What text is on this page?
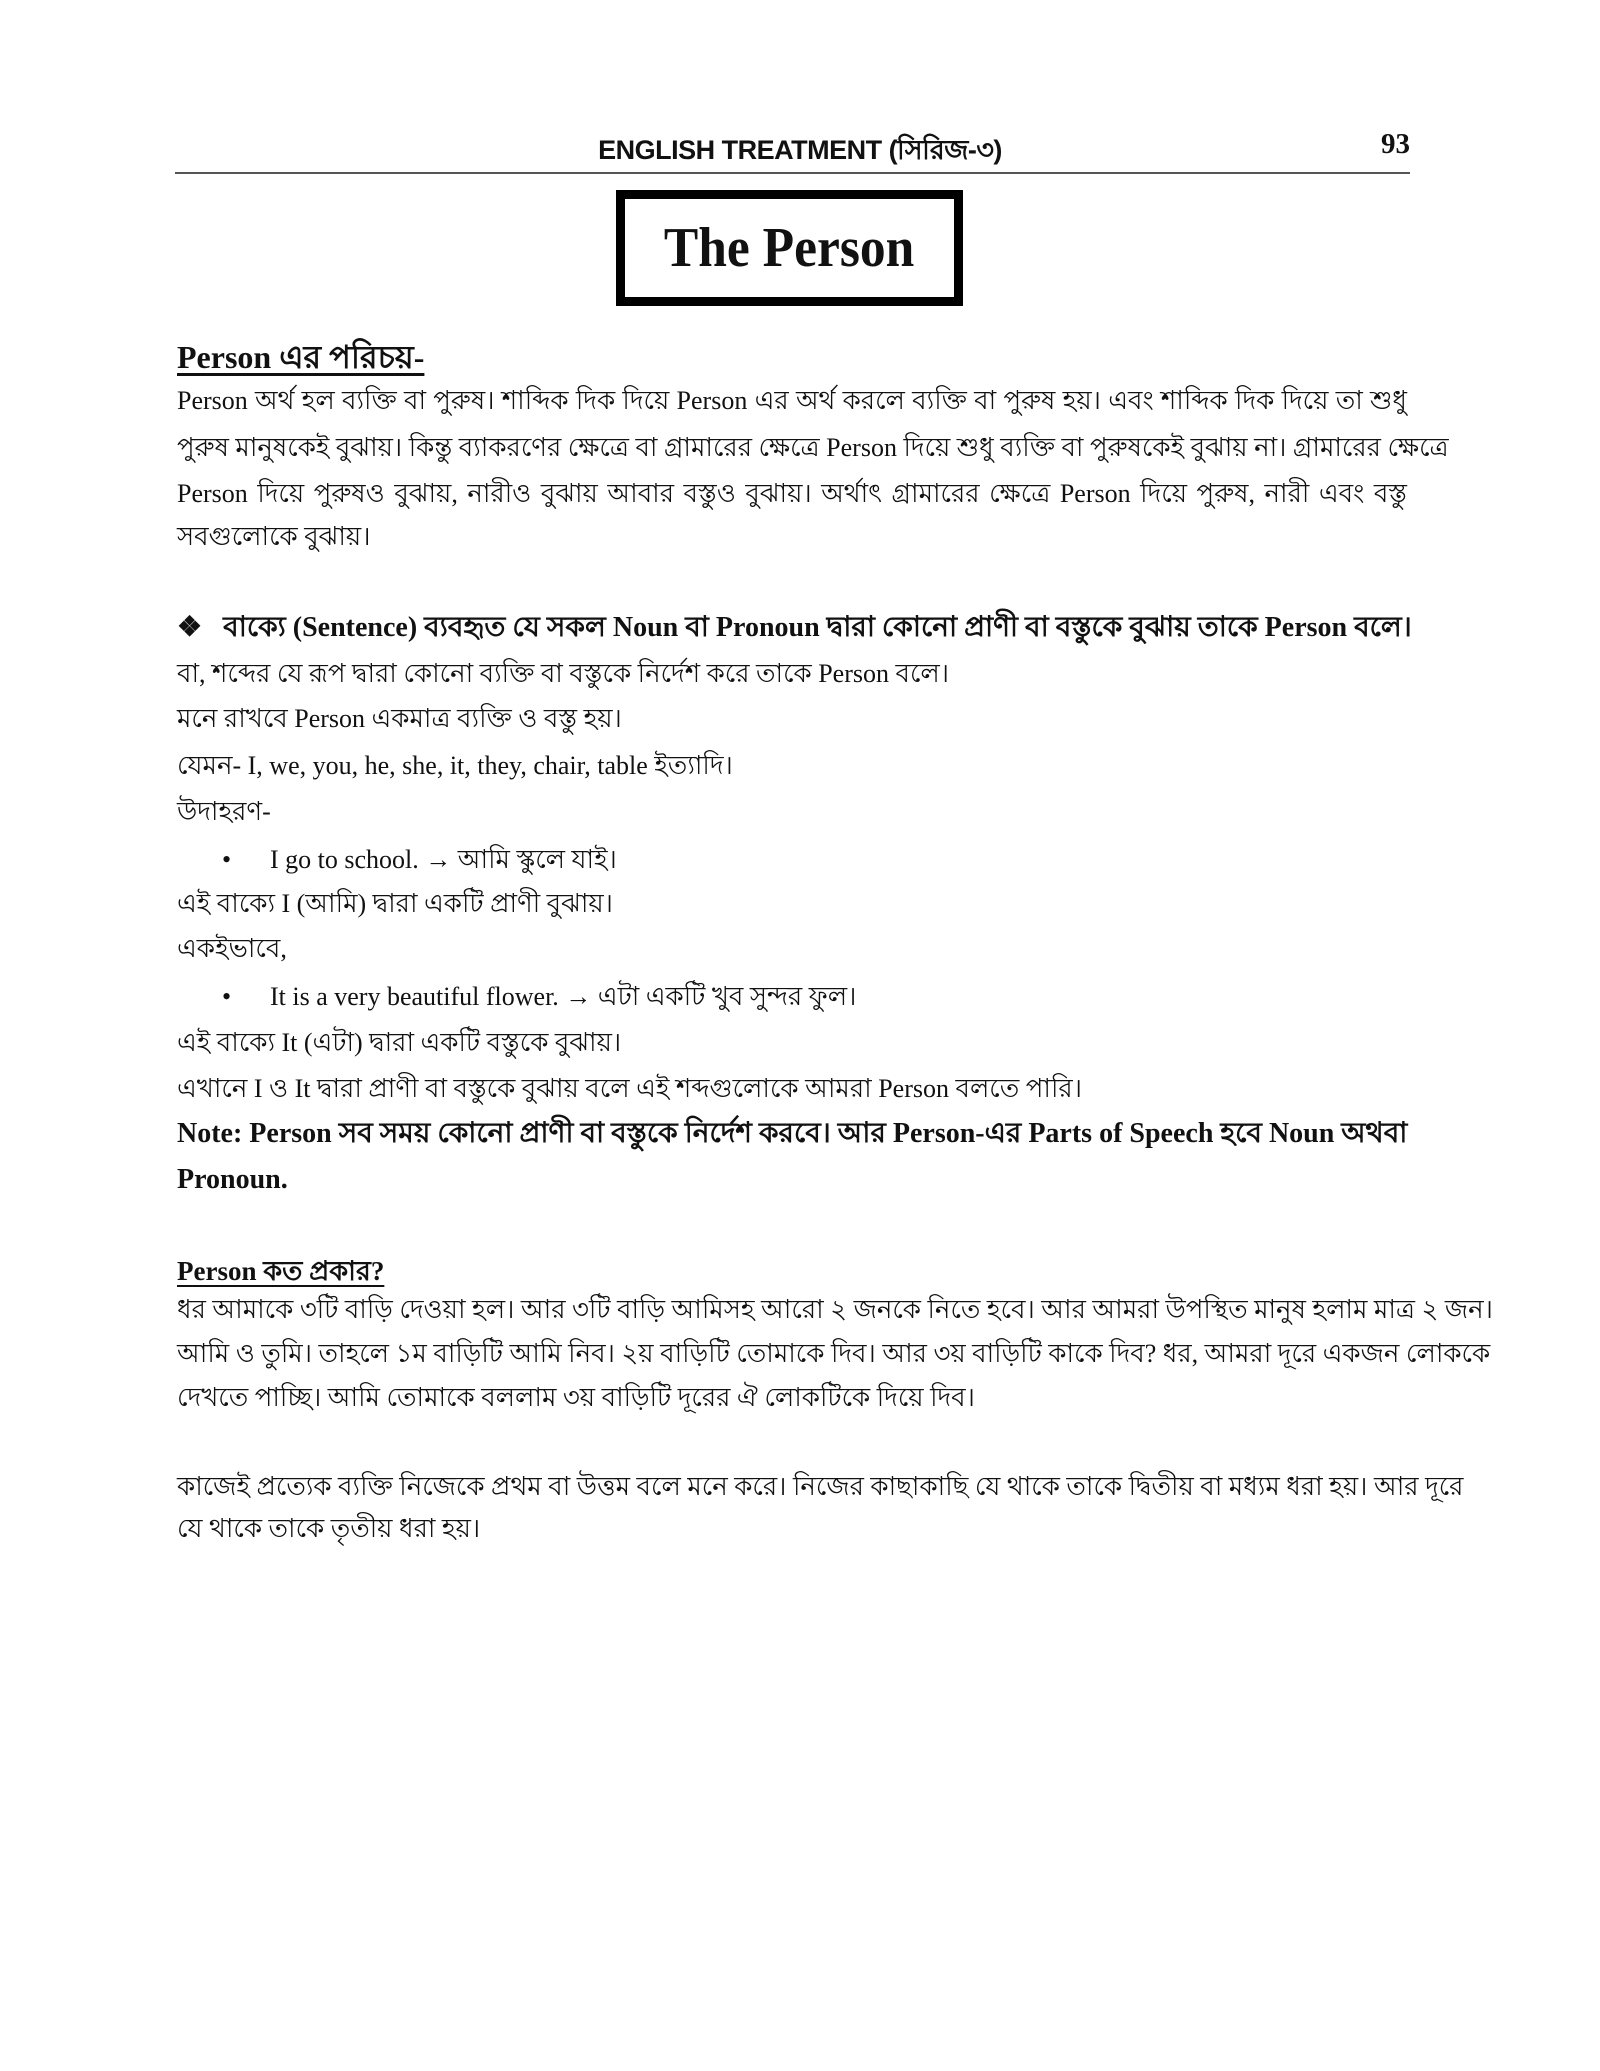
ENGLISH TREATMENT (সিরিজ-৩)	93
The Person
Person এর পরিচয়-
Person অর্থ হল ব্যক্তি বা পুরুষ। শাব্দিক দিক দিয়ে Person এর অর্থ করলে ব্যক্তি বা পুরুষ হয়। এবং শাব্দিক দিক দিয়ে তা শুধু
পুরুষ মানুষকেই বুঝায়। কিন্তু ব্যাকরণের ক্ষেত্রে বা গ্রামারের ক্ষেত্রে Person দিয়ে শুধু ব্যক্তি বা পুরুষকেই বুঝায় না। গ্রামারের ক্ষেত্রে
Person দিয়ে পুরুষও বুঝায়, নারীও বুঝায় আবার বস্তুও বুঝায়। অর্থাৎ গ্রামারের ক্ষেত্রে Person দিয়ে পুরুষ, নারী এবং বস্তু
সবগুলোকে বুঝায়।
❖ বাক্যে (Sentence) ব্যবহৃত যে সকল Noun বা Pronoun দ্বারা কোনো প্রাণী বা বস্তুকে বুঝায় তাকে Person বলে।
বা, শব্দের যে রূপ দ্বারা কোনো ব্যক্তি বা বস্তুকে নির্দেশ করে তাকে Person বলে।
মনে রাখবে Person একমাত্র ব্যক্তি ও বস্তু হয়।
যেমন- I, we, you, he, she, it, they, chair, table ইত্যাদি।
উদাহরণ-
• I go to school. → আমি স্কুলে যাই।
এই বাক্যে I (আমি) দ্বারা একটি প্রাণী বুঝায়।
একইভাবে,
• It is a very beautiful flower. → এটা একটি খুব সুন্দর ফুল।
এই বাক্যে It (এটা) দ্বারা একটি বস্তুকে বুঝায়।
এখানে I ও It দ্বারা প্রাণী বা বস্তুকে বুঝায় বলে এই শব্দগুলোকে আমরা Person বলতে পারি।
Note: Person সব সময় কোনো প্রাণী বা বস্তুকে নির্দেশ করবে। আর Person-এর Parts of Speech হবে Noun অথবা
Pronoun.
Person কত প্রকার?
ধর আমাকে ৩টি বাড়ি দেওয়া হল। আর ৩টি বাড়ি আমিসহ আরো ২ জনকে নিতে হবে। আর আমরা উপস্থিত মানুষ হলাম মাত্র ২ জন।
আমি ও তুমি। তাহলে ১ম বাড়িটি আমি নিব। ২য় বাড়িটি তোমাকে দিব। আর ৩য় বাড়িটি কাকে দিব? ধর, আমরা দূরে একজন লোককে
দেখতে পাচ্ছি। আমি তোমাকে বললাম ৩য় বাড়িটি দূরের ঐ লোকটিকে দিয়ে দিব।
কাজেই প্রত্যেক ব্যক্তি নিজেকে প্রথম বা উত্তম বলে মনে করে। নিজের কাছাকাছি যে থাকে তাকে দ্বিতীয় বা মধ্যম ধরা হয়। আর দূরে
যে থাকে তাকে তৃতীয় ধরা হয়।
